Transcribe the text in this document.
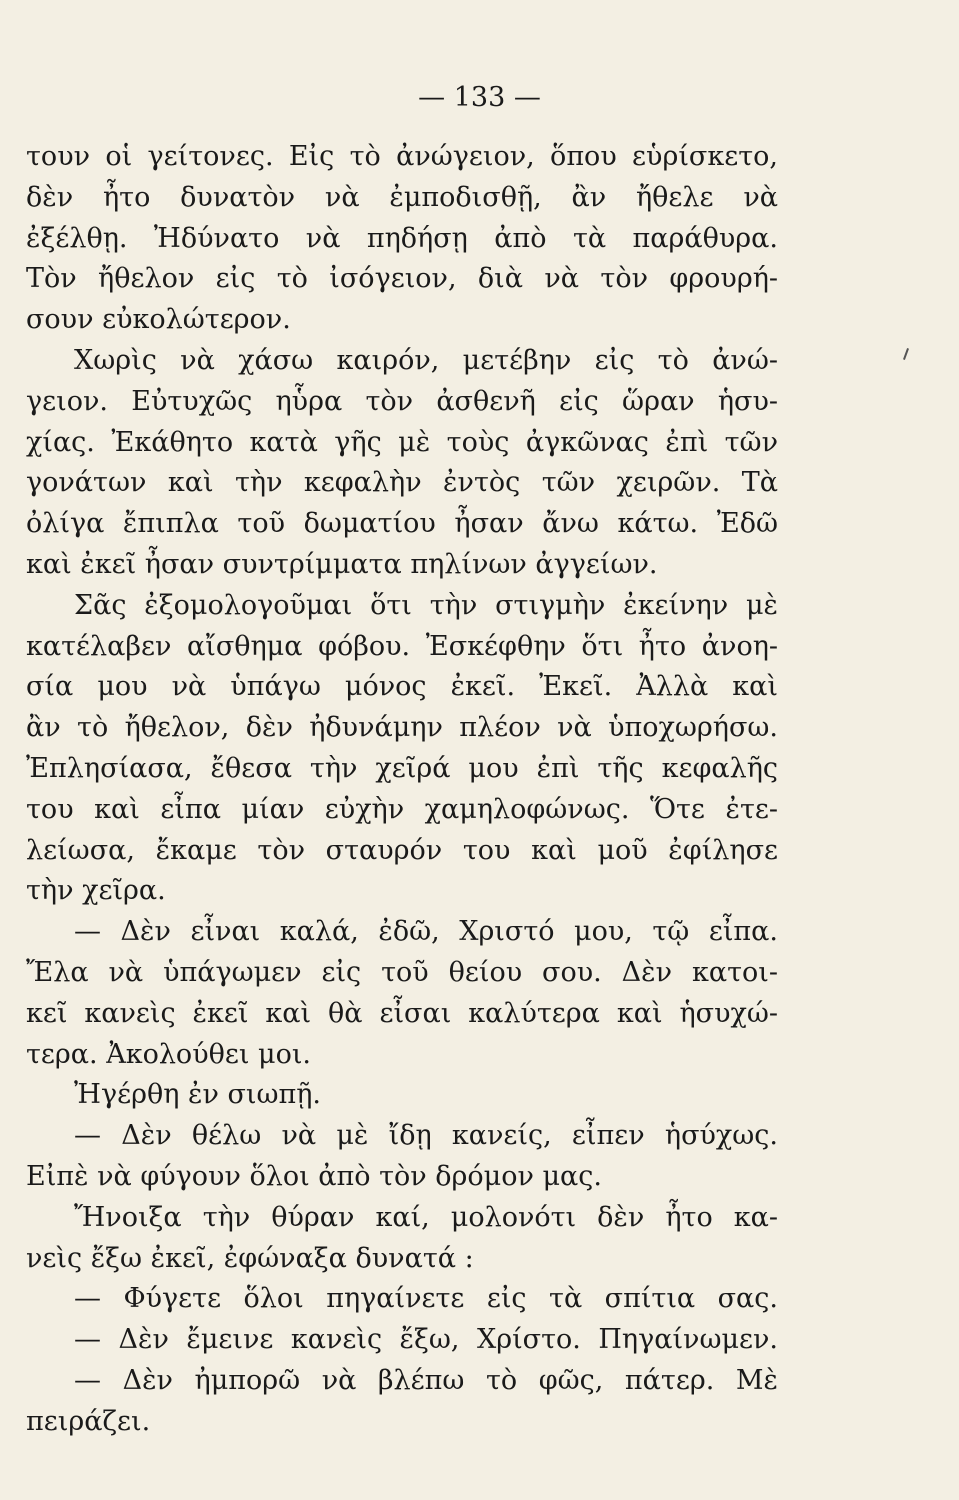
— 133 —
τουν οἱ γείτονες. Εἰς τὸ ἀνώγειον, ὅπου εὑρίσκετο,
δὲν ἦτο δυνατὸν νὰ ἐμποδισθῇ, ἂν ἤθελε νὰ
ἐξέλθῃ. Ἠδύνατο νὰ πηδήσῃ ἀπὸ τὰ παράθυρα.
Τὸν ἤθελον εἰς τὸ ἰσόγειον, διὰ νὰ τὸν φρουρή-
σουν εὐκολώτερον.
Χωρὶς νὰ χάσω καιρόν, μετέβην εἰς τὸ ἀνώ-
γειον. Εὐτυχῶς ηὗρα τὸν ἀσθενῆ εἰς ὥραν ἡσυ-
χίας. Ἐκάθητο κατὰ γῆς μὲ τοὺς ἀγκῶνας ἐπὶ τῶν
γονάτων καὶ τὴν κεφαλὴν ἐντὸς τῶν χειρῶν. Τὰ
ὀλίγα ἔπιπλα τοῦ δωματίου ἦσαν ἄνω κάτω. Ἐδῶ
καὶ ἐκεῖ ἦσαν συντρίμματα πηλίνων ἀγγείων.
Σᾶς ἐξομολογοῦμαι ὅτι τὴν στιγμὴν ἐκείνην μὲ
κατέλαβεν αἴσθημα φόβου. Ἐσκέφθην ὅτι ἦτο ἀνοη-
σία μου νὰ ὑπάγω μόνος ἐκεῖ. Ἐκεῖ. Ἀλλὰ καὶ
ἂν τὸ ἤθελον, δὲν ἠδυνάμην πλέον νὰ ὑποχωρήσω.
Ἐπλησίασα, ἔθεσα τὴν χεῖρά μου ἐπὶ τῆς κεφαλῆς
του καὶ εἶπα μίαν εὐχὴν χαμηλοφώνως. Ὅτε ἐτε-
λείωσα, ἔκαμε τὸν σταυρόν του καὶ μοῦ ἐφίλησε
τὴν χεῖρα.
— Δὲν εἶναι καλά, ἐδῶ, Χριστό μου, τῷ εἶπα.
Ἔλα νὰ ὑπάγωμεν εἰς τοῦ θείου σου. Δὲν κατοι-
κεῖ κανεὶς ἐκεῖ καὶ θὰ εἶσαι καλύτερα καὶ ἡσυχώ-
τερα. Ἀκολούθει μοι.
Ἠγέρθη ἐν σιωπῇ.
— Δὲν θέλω νὰ μὲ ἴδῃ κανείς, εἶπεν ἡσύχως.
Εἰπὲ νὰ φύγουν ὅλοι ἀπὸ τὸν δρόμον μας.
Ἤνοιξα τὴν θύραν καί, μολονότι δὲν ἦτο κα-
νεὶς ἔξω ἐκεῖ, ἐφώναξα δυνατά :
— Φύγετε ὅλοι πηγαίνετε εἰς τὰ σπίτια σας.
— Δὲν ἔμεινε κανεὶς ἔξω, Χρίστο. Πηγαίνωμεν.
— Δὲν ἠμπορῶ νὰ βλέπω τὸ φῶς, πάτερ. Μὲ
πειράζει.
